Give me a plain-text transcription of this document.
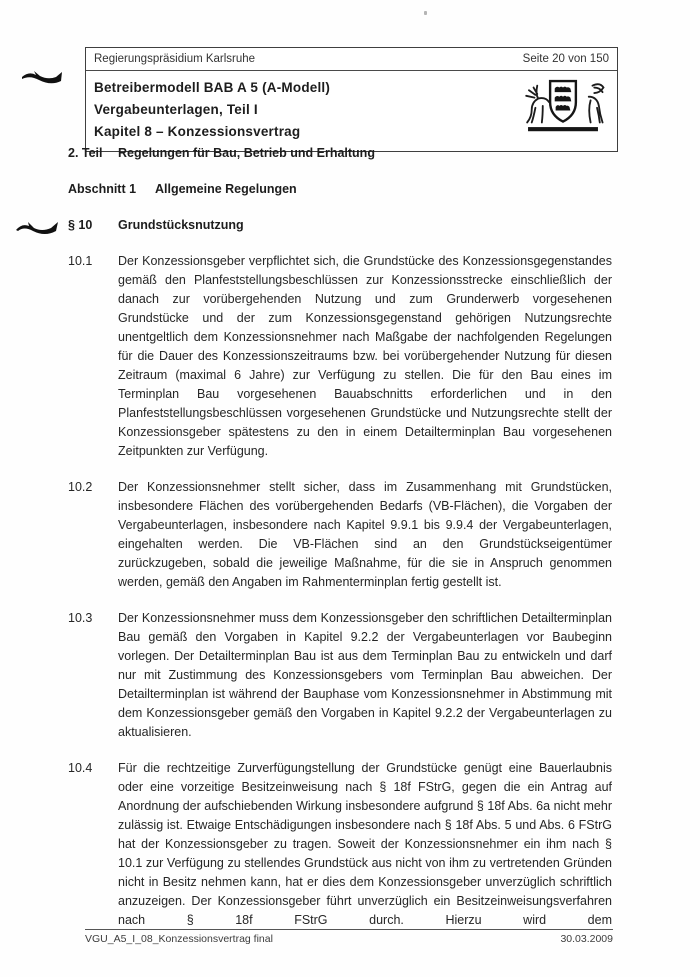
Regierungspräsidium Karlsruhe	Seite 20 von 150
Betreibermodell BAB A 5 (A-Modell)
Vergabeunterlagen, Teil I
Kapitel 8 – Konzessionsvertrag
2. Teil	Regelungen für Bau, Betrieb und Erhaltung
Abschnitt 1	Allgemeine Regelungen
§ 10	Grundstücksnutzung
10.1	Der Konzessionsgeber verpflichtet sich, die Grundstücke des Konzessionsgegenstandes gemäß den Planfeststellungsbeschlüssen zur Konzessionsstrecke einschließlich der danach zur vorübergehenden Nutzung und zum Grunderwerb vorgesehenen Grundstücke und der zum Konzessionsgegenstand gehörigen Nutzungsrechte unentgeltlich dem Konzessionsnehmer nach Maßgabe der nachfolgenden Regelungen für die Dauer des Konzessionszeitraums bzw. bei vorübergehender Nutzung für diesen Zeitraum (maximal 6 Jahre) zur Verfügung zu stellen. Die für den Bau eines im Terminplan Bau vorgesehenen Bauabschnitts erforderlichen und in den Planfeststellungsbeschlüssen vorgesehenen Grundstücke und Nutzungsrechte stellt der Konzessionsgeber spätestens zu den in einem Detailterminplan Bau vorgesehenen Zeitpunkten zur Verfügung.
10.2	Der Konzessionsnehmer stellt sicher, dass im Zusammenhang mit Grundstücken, insbesondere Flächen des vorübergehenden Bedarfs (VB-Flächen), die Vorgaben der Vergabeunterlagen, insbesondere nach Kapitel 9.9.1 bis 9.9.4 der Vergabeunterlagen, eingehalten werden. Die VB-Flächen sind an den Grundstückseigentümer zurückzugeben, sobald die jeweilige Maßnahme, für die sie in Anspruch genommen werden, gemäß den Angaben im Rahmenterminplan fertig gestellt ist.
10.3	Der Konzessionsnehmer muss dem Konzessionsgeber den schriftlichen Detailterminplan Bau gemäß den Vorgaben in Kapitel 9.2.2 der Vergabeunterlagen vor Baubeginn vorlegen. Der Detailterminplan Bau ist aus dem Terminplan Bau zu entwickeln und darf nur mit Zustimmung des Konzessionsgebers vom Terminplan Bau abweichen. Der Detailterminplan ist während der Bauphase vom Konzessionsnehmer in Abstimmung mit dem Konzessionsgeber gemäß den Vorgaben in Kapitel 9.2.2 der Vergabeunterlagen zu aktualisieren.
10.4	Für die rechtzeitige Zurverfügungstellung der Grundstücke genügt eine Bauerlaubnis oder eine vorzeitige Besitzeinweisung nach § 18f FStrG, gegen die ein Antrag auf Anordnung der aufschiebenden Wirkung insbesondere aufgrund § 18f Abs. 6a nicht mehr zulässig ist. Etwaige Entschädigungen insbesondere nach § 18f Abs. 5 und Abs. 6 FStrG hat der Konzessionsgeber zu tragen. Soweit der Konzessionsnehmer ein ihm nach § 10.1 zur Verfügung zu stellendes Grundstück aus nicht von ihm zu vertretenden Gründen nicht in Besitz nehmen kann, hat er dies dem Konzessionsgeber unverzüglich schriftlich anzuzeigen. Der Konzessionsgeber führt unverzüglich ein Besitzeinweisungsverfahren nach § 18f FStrG durch. Hierzu wird dem
VGU_A5_I_08_Konzessionsvertrag final	30.03.2009
